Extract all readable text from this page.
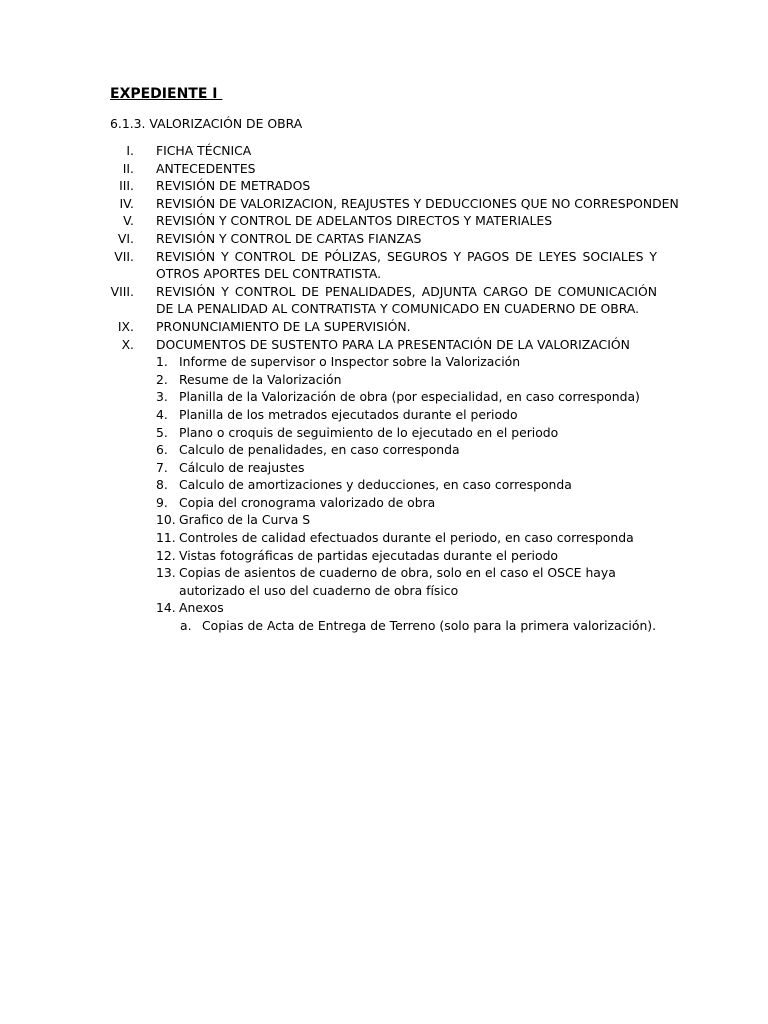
EXPEDIENTE I
6.1.3. VALORIZACIÓN DE OBRA
I. FICHA TÉCNICA
II. ANTECEDENTES
III. REVISIÓN DE METRADOS
IV. REVISIÓN DE VALORIZACION, REAJUSTES Y DEDUCCIONES QUE NO CORRESPONDEN
V. REVISIÓN Y CONTROL DE ADELANTOS DIRECTOS Y MATERIALES
VI. REVISIÓN Y CONTROL DE CARTAS FIANZAS
VII. REVISIÓN Y CONTROL DE PÓLIZAS, SEGUROS Y PAGOS DE LEYES SOCIALES Y OTROS APORTES DEL CONTRATISTA.
VIII. REVISIÓN Y CONTROL DE PENALIDADES, ADJUNTA CARGO DE COMUNICACIÓN DE LA PENALIDAD AL CONTRATISTA Y COMUNICADO EN CUADERNO DE OBRA.
IX. PRONUNCIAMIENTO DE LA SUPERVISIÓN.
X. DOCUMENTOS DE SUSTENTO PARA LA PRESENTACIÓN DE LA VALORIZACIÓN
1. Informe de supervisor o Inspector sobre la Valorización
2. Resume de la Valorización
3. Planilla de la Valorización de obra (por especialidad, en caso corresponda)
4. Planilla de los metrados ejecutados durante el periodo
5. Plano o croquis de seguimiento de lo ejecutado en el periodo
6. Calculo de penalidades, en caso corresponda
7. Cálculo de reajustes
8. Calculo de amortizaciones y deducciones, en caso corresponda
9. Copia del cronograma valorizado de obra
10. Grafico de la Curva S
11. Controles de calidad efectuados durante el periodo, en caso corresponda
12. Vistas fotográficas de partidas ejecutadas durante el periodo
13. Copias de asientos de cuaderno de obra, solo en el caso el OSCE haya autorizado el uso del cuaderno de obra físico
14. Anexos
a. Copias de Acta de Entrega de Terreno (solo para la primera valorización).
